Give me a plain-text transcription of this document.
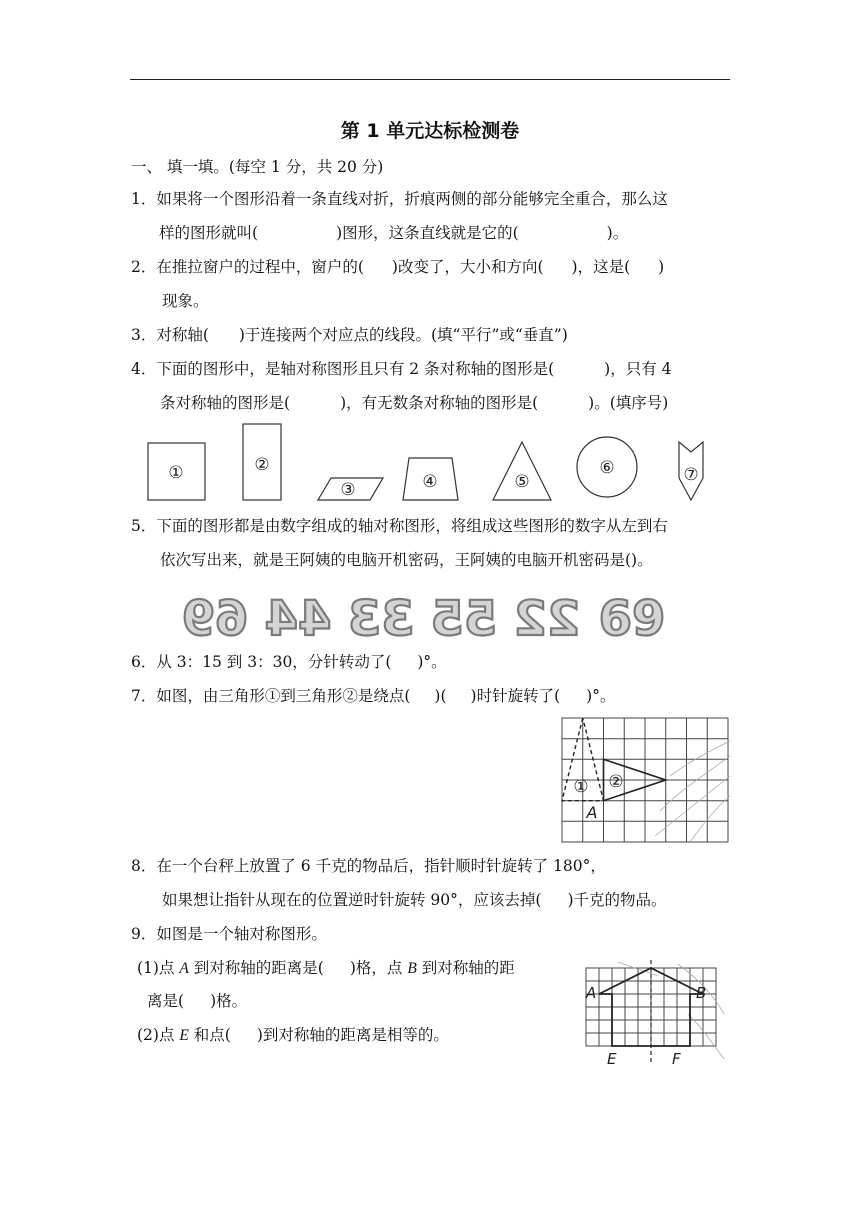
第 1 单元达标检测卷
一、 填一填。(每空 1 分，共 20 分)
1．如果将一个图形沿着一条直线对折，折痕两侧的部分能够完全重合，那么这
样的图形就叫(	)图形，这条直线就是它的(	)。
2．在推拉窗户的过程中，窗户的( )改变了，大小和方向( )，这是( )
现象。
3．对称轴( )于连接两个对应点的线段。(填“平行”或“垂直”)
4．下面的图形中，是轴对称图形且只有 2 条对称轴的图形是(	)，只有 4
条对称轴的图形是(	)，有无数条对称轴的图形是(	)。(填序号)
①	②
③	④	⑤
⑥	⑦
5．下面的图形都是由数字组成的轴对称图形，将组成这些图形的数字从左到右
依次写出来，就是王阿姨的电脑开机密码，王阿姨的电脑开机密码是()。
69 44 33 55 22 69
6．从 3：15 到 3：30，分针转动了( )°。
7．如图，由三角形①到三角形②是绕点( )( )时针旋转了( )°。
① ②
A
8．在一个台秤上放置了 6 千克的物品后，指针顺时针旋转了 180°，
如果想让指针从现在的位置逆时针旋转 90°，应该去掉( )千克的物品。
9．如图是一个轴对称图形。
(1)点 A 到对称轴的距离是( )格，点 B 到对称轴的距
离是( )格。
(2)点 E 和点( )到对称轴的距离是相等的。
A	B
E	F
